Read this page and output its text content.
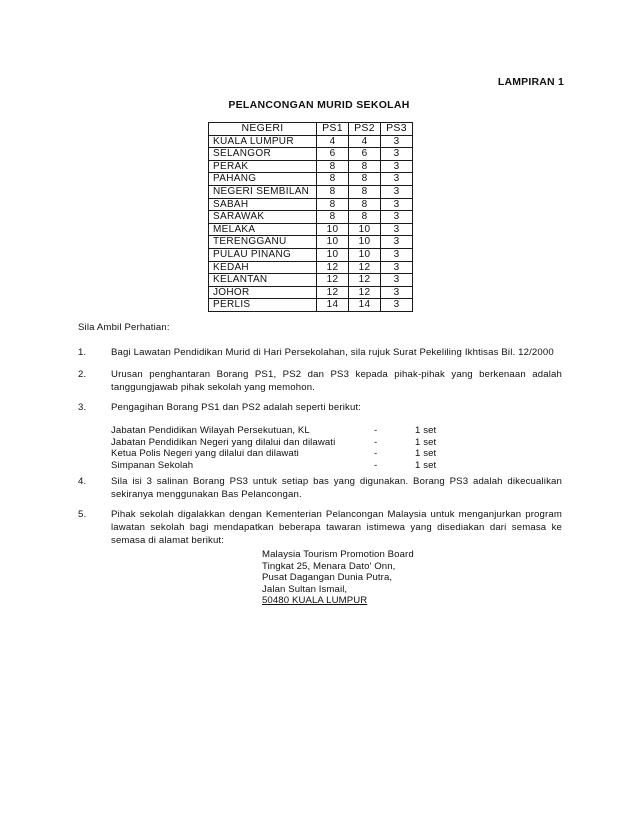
LAMPIRAN 1
PELANCONGAN MURID SEKOLAH
NEGERI	PS1	PS2	PS3
KUALA LUMPUR	4	4	3
SELANGOR	6	6	3
PERAK	8	8	3
PAHANG	8	8	3
NEGERI SEMBILAN	8	8	3
SABAH	8	8	3
SARAWAK	8	8	3
MELAKA	10	10	3
TERENGGANU	10	10	3
PULAU PINANG	10	10	3
KEDAH	12	12	3
KELANTAN	12	12	3
JOHOR	12	12	3
PERLIS	14	14	3
Sila Ambil Perhatian:
1.	Bagi Lawatan Pendidikan Murid di Hari Persekolahan, sila rujuk Surat Pekeliling Ikhtisas Bil. 12/2000
2.	Urusan penghantaran Borang PS1, PS2 dan PS3 kepada pihak-pihak yang berkenaan adalah tanggungjawab pihak sekolah yang memohon.
3.	Pengagihan Borang PS1 dan PS2 adalah seperti berikut:
Jabatan Pendidikan Wilayah Persekutuan, KL	-	1 set
Jabatan Pendidikan Negeri yang dilalui dan dilawati	-	1 set
Ketua Polis Negeri yang dilalui dan dilawati	-	1 set
Simpanan Sekolah	-	1 set
4.	Sila isi 3 salinan Borang PS3 untuk setiap bas yang digunakan. Borang PS3 adalah dikecualikan sekiranya menggunakan Bas Pelancongan.
5.	Pihak sekolah digalakkan dengan Kementerian Pelancongan Malaysia untuk menganjurkan program lawatan sekolah bagi mendapatkan beberapa tawaran istimewa yang disediakan dari semasa ke semasa di alamat berikut:
Malaysia Tourism Promotion Board
Tingkat 25, Menara Dato' Onn,
Pusat Dagangan Dunia Putra,
Jalan Sultan Ismail,
50480 KUALA LUMPUR
